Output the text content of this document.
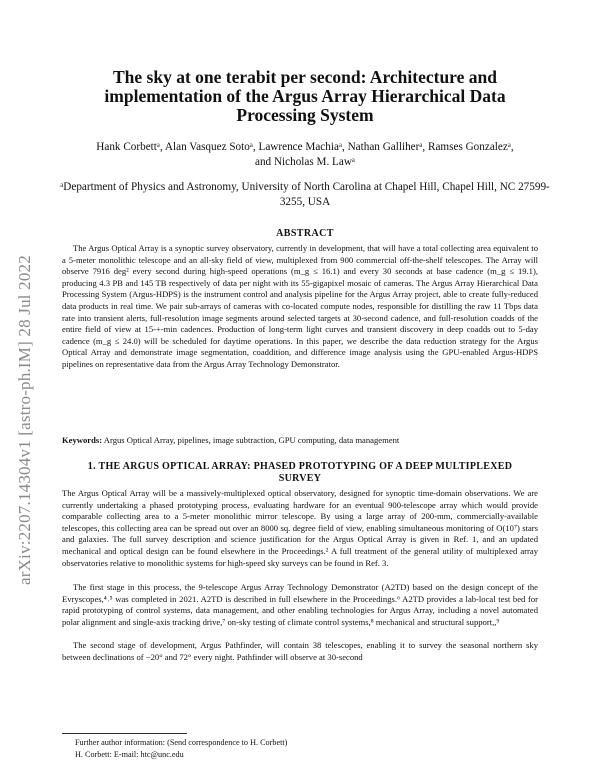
arXiv:2207.14304v1 [astro-ph.IM] 28 Jul 2022
The sky at one terabit per second: Architecture and implementation of the Argus Array Hierarchical Data Processing System
Hank Corbettᵃ, Alan Vasquez Sotoᵃ, Lawrence Machiaᵃ, Nathan Galliherᵃ, Ramses Gonzalezᵃ,
and Nicholas M. Lawᵃ
ᵃDepartment of Physics and Astronomy, University of North Carolina at Chapel Hill, Chapel Hill, NC 27599-3255, USA
ABSTRACT

The Argus Optical Array is a synoptic survey observatory, currently in development, that will have a total collecting area equivalent to a 5-meter monolithic telescope and an all-sky field of view, multiplexed from 900 commercial off-the-shelf telescopes. The Array will observe 7916 deg² every second during high-speed operations (m_g ≤ 16.1) and every 30 seconds at base cadence (m_g ≤ 19.1), producing 4.3 PB and 145 TB respectively of data per night with its 55-gigapixel mosaic of cameras. The Argus Array Hierarchical Data Processing System (Argus-HDPS) is the instrument control and analysis pipeline for the Argus Array project, able to create fully-reduced data products in real time. We pair sub-arrays of cameras with co-located compute nodes, responsible for distilling the raw 11 Tbps data rate into transient alerts, full-resolution image segments around selected targets at 30-second cadence, and full-resolution coadds of the entire field of view at 15-+-min cadences. Production of long-term light curves and transient discovery in deep coadds out to 5-day cadence (m_g ≤ 24.0) will be scheduled for daytime operations. In this paper, we describe the data reduction strategy for the Argus Optical Array and demonstrate image segmentation, coaddition, and difference image analysis using the GPU-enabled Argus-HDPS pipelines on representative data from the Argus Array Technology Demonstrator.

Keywords: Argus Optical Array, pipelines, image subtraction, GPU computing, data management
1. THE ARGUS OPTICAL ARRAY: PHASED PROTOTYPING OF A DEEP MULTIPLEXED SURVEY

The Argus Optical Array will be a massively-multiplexed optical observatory, designed for synoptic time-domain observations. We are currently undertaking a phased prototyping process, evaluating hardware for an eventual 900-telescope array which would provide comparable collecting area to a 5-meter monolithic mirror telescope. By using a large array of 200-mm, commercially-available telescopes, this collecting area can be spread out over an 8000 sq. degree field of view, enabling simultaneous monitoring of O(10⁷) stars and galaxies. The full survey description and science justification for the Argus Optical Array is given in Ref. 1, and an updated mechanical and optical design can be found elsewhere in the Proceedings.² A full treatment of the general utility of multiplexed array observatories relative to monolithic systems for high-speed sky surveys can be found in Ref. 3.

The first stage in this process, the 9-telescope Argus Array Technology Demonstrator (A2TD) based on the design concept of the Evryscopes,⁴˒⁵ was completed in 2021. A2TD is described in full elsewhere in the Proceedings.⁶ A2TD provides a lab-local test bed for rapid prototyping of control systems, data management, and other enabling technologies for Argus Array, including a novel automated polar alignment and single-axis tracking drive,⁷ on-sky testing of climate control systems,⁸ mechanical and structural support,,⁹

The second stage of development, Argus Pathfinder, will contain 38 telescopes, enabling it to survey the seasonal northern sky between declinations of −20° and 72° every night. Pathfinder will observe at 30-second

Further author information: (Send correspondence to H. Corbett)
H. Corbett: E-mail: htc@unc.edu
